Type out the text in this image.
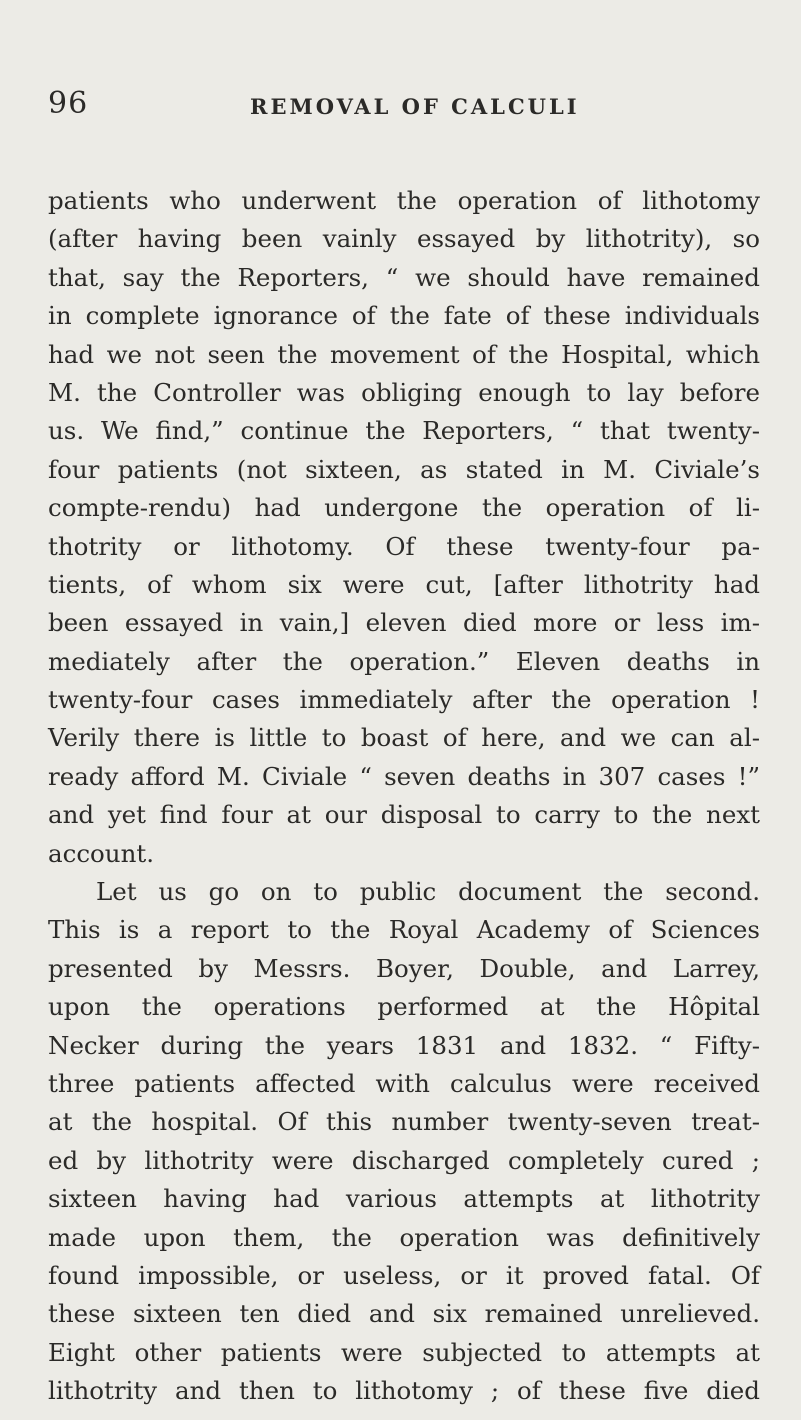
96	REMOVAL OF CALCULI
patients who underwent the operation of lithotomy
(after having been vainly essayed by lithotrity), so
that, say the Reporters, “ we should have remained
in complete ignorance of the fate of these individuals
had we not seen the movement of the Hospital, which
M. the Controller was obliging enough to lay before
us. We find,” continue the Reporters, “ that twenty-
four patients (not sixteen, as stated in M. Civiale’s
compte-rendu) had undergone the operation of li-
thotrity or lithotomy. Of these twenty-four pa-
tients, of whom six were cut, [after lithotrity had
been essayed in vain,] eleven died more or less im-
mediately after the operation.” Eleven deaths in
twenty-four cases immediately after the operation !
Verily there is little to boast of here, and we can al-
ready afford M. Civiale “ seven deaths in 307 cases !”
and yet find four at our disposal to carry to the next
account.
Let us go on to public document the second.
This is a report to the Royal Academy of Sciences
presented by Messrs. Boyer, Double, and Larrey,
upon the operations performed at the Hôpital
Necker during the years 1831 and 1832. “ Fifty-
three patients affected with calculus were received
at the hospital. Of this number twenty-seven treat-
ed by lithotrity were discharged completely cured ;
sixteen having had various attempts at lithotrity
made upon them, the operation was definitively
found impossible, or useless, or it proved fatal. Of
these sixteen ten died and six remained unrelieved.
Eight other patients were subjected to attempts at
lithotrity and then to lithotomy ; of these five died
